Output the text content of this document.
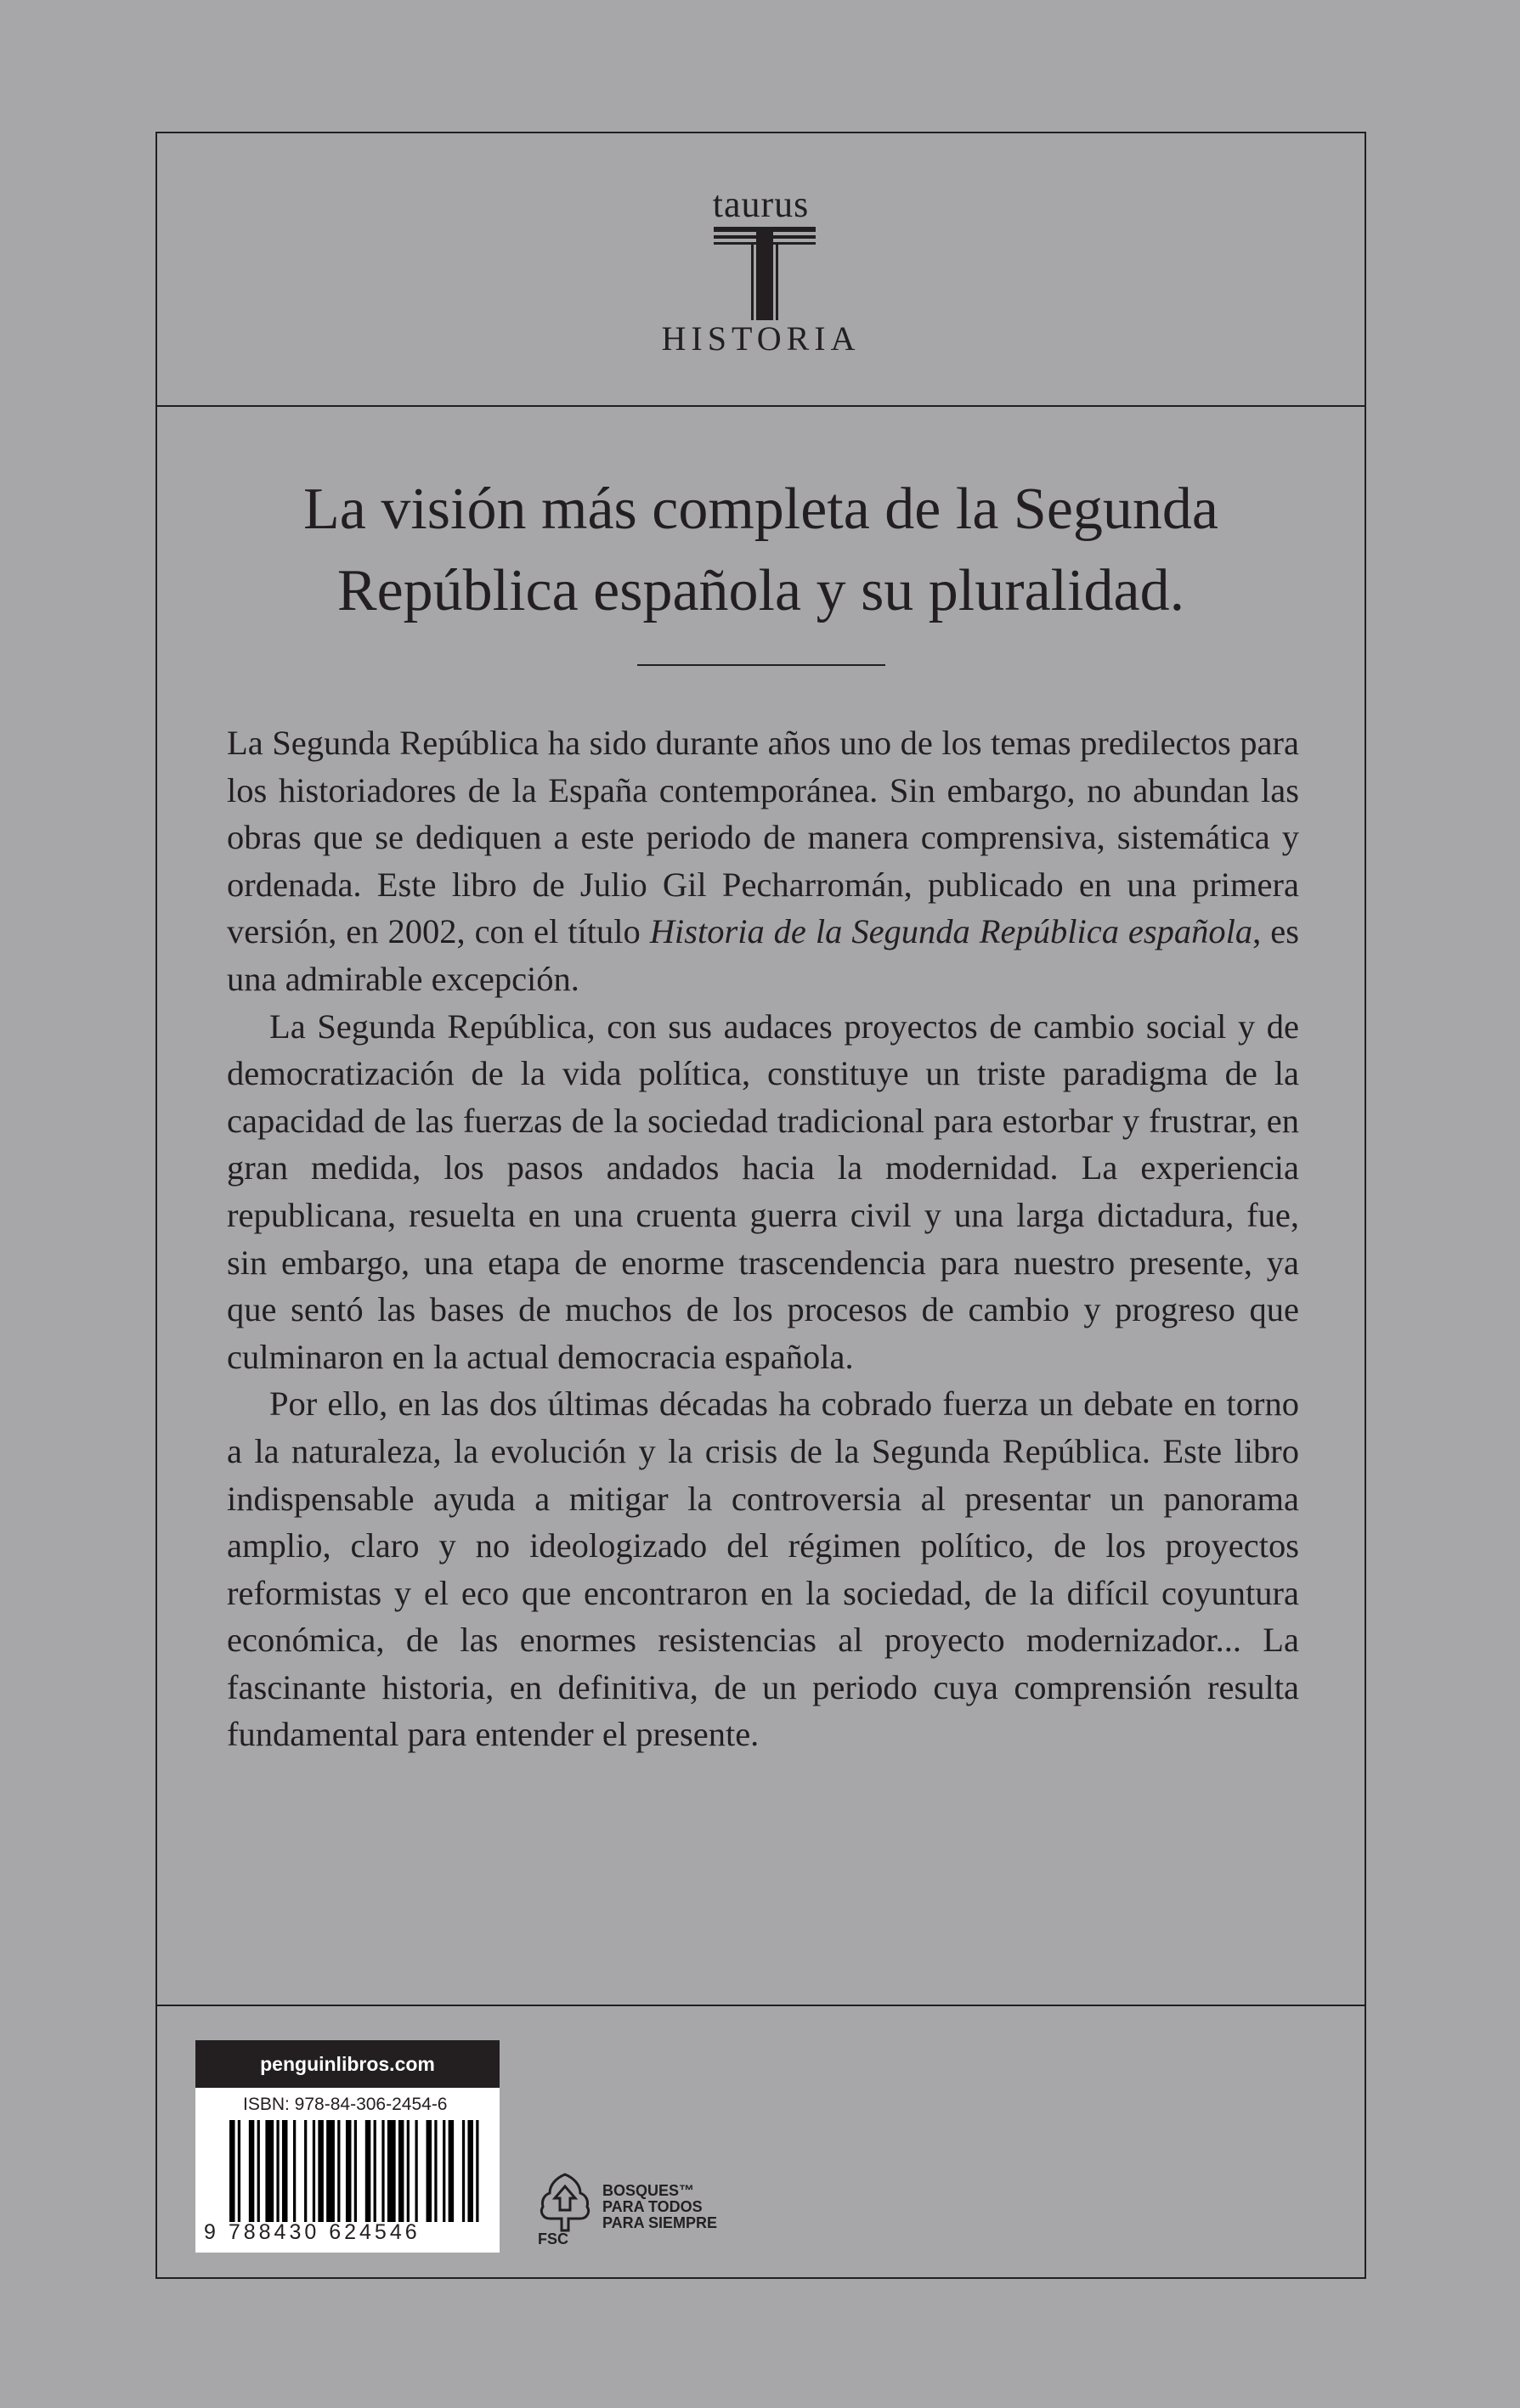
taurus
HISTORIA
La visión más completa de la Segunda
República española y su pluralidad.

La Segunda República ha sido durante años uno de los temas predilectos para los historiadores de la España contemporánea. Sin embargo, no abundan las obras que se dediquen a este periodo de manera comprensiva, sistemática y ordenada. Este libro de Julio Gil Pecharromán, publicado en una primera versión, en 2002, con el título Historia de la Segunda República española, es una admirable excepción.

La Segunda República, con sus audaces proyectos de cambio social y de democratización de la vida política, constituye un triste paradigma de la capacidad de las fuerzas de la sociedad tradicional para estorbar y frustrar, en gran medida, los pasos andados hacia la modernidad. La experiencia republicana, resuelta en una cruenta guerra civil y una larga dictadura, fue, sin embargo, una etapa de enorme trascendencia para nuestro presente, ya que sentó las bases de muchos de los procesos de cambio y progreso que culminaron en la actual democracia española.

Por ello, en las dos últimas décadas ha cobrado fuerza un debate en torno a la naturaleza, la evolución y la crisis de la Segunda República. Este libro indispensable ayuda a mitigar la controversia al presentar un panorama amplio, claro y no ideologizado del régimen político, de los proyectos reformistas y el eco que encontraron en la sociedad, de la difícil coyuntura económica, de las enormes resistencias al proyecto modernizador... La fascinante historia, en definitiva, de un periodo cuya comprensión resulta fundamental para entender el presente.

penguinlibros.com
ISBN: 978-84-306-2454-6
9 788430 624546	FSC
BOSQUES™
PARA TODOS
PARA SIEMPRE
